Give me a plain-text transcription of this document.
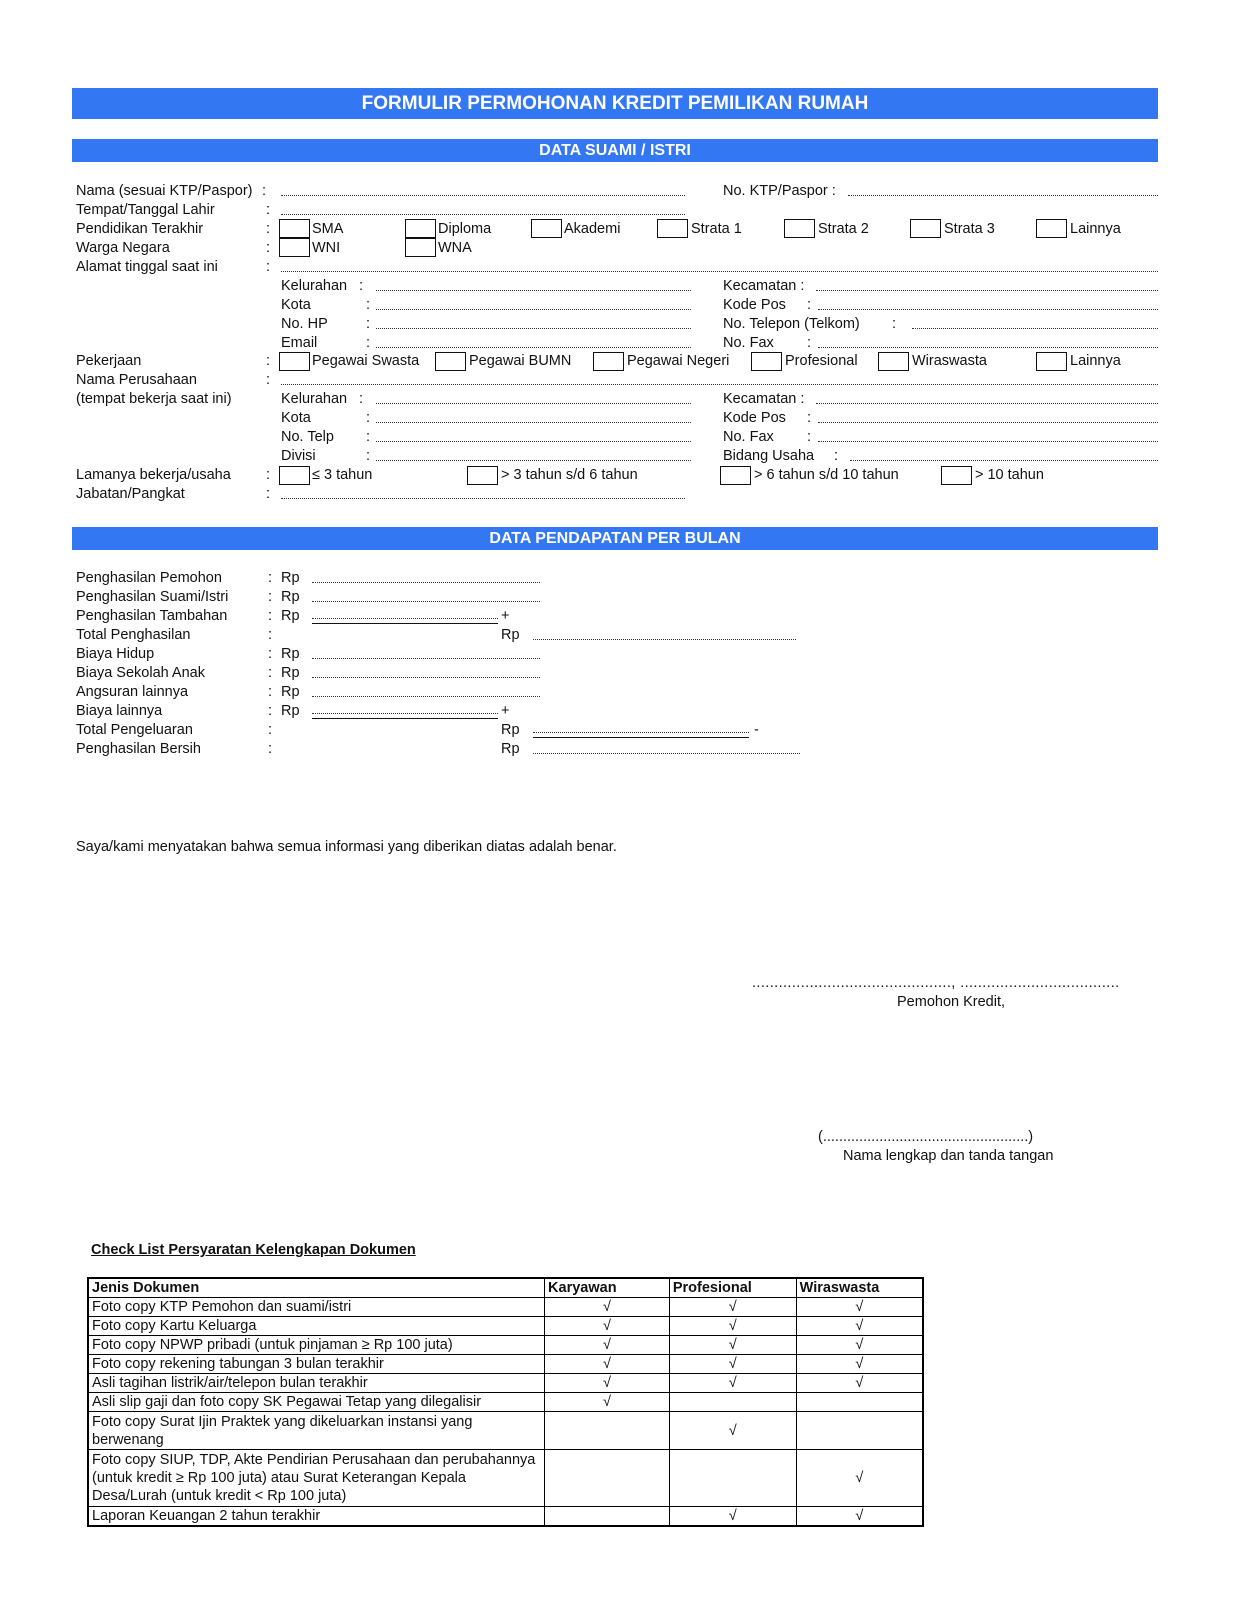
FORMULIR PERMOHONAN KREDIT PEMILIKAN RUMAH
DATA SUAMI / ISTRI
Nama (sesuai KTP/Paspor) :	No. KTP/Paspor :
Tempat/Tanggal Lahir	:
Pendidikan Terakhir	:	SMA	Diploma	Akademi	Strata 1	Strata 2	Strata 3	Lainnya
Warga Negara	:	WNI	WNA
Alamat tinggal saat ini	:
Kelurahan :	Kecamatan :
Kota	:	Kode Pos :
No. HP	:	No. Telepon (Telkom) :
Email	:	No. Fax :
Pekerjaan	:	Pegawai Swasta	Pegawai BUMN	Pegawai Negeri	Profesional	Wiraswasta	Lainnya
Nama Perusahaan	:
(tempat bekerja saat ini)	Kelurahan :	Kecamatan :
Kota	:	Kode Pos :
No. Telp :	No. Fax :
Divisi	:	Bidang Usaha :
Lamanya bekerja/usaha :	≤ 3 tahun	> 3 tahun s/d 6 tahun	> 6 tahun s/d 10 tahun	> 10 tahun
Jabatan/Pangkat	:
DATA PENDAPATAN PER BULAN
Penghasilan Pemohon	: Rp
Penghasilan Suami/Istri	: Rp
Penghasilan Tambahan	: Rp	+
Total Penghasilan	:	Rp
Biaya Hidup	: Rp
Biaya Sekolah Anak	: Rp
Angsuran lainnya	: Rp
Biaya lainnya	: Rp	+
Total Pengeluaran	:	Rp	-
Penghasilan Bersih	:	Rp
Saya/kami menyatakan bahwa semua informasi yang diberikan diatas adalah benar.
............................................., ....................................
Pemohon Kredit,
(...................................................)
Nama lengkap dan tanda tangan
Check List Persyaratan Kelengkapan Dokumen
Jenis Dokumen	Karyawan	Profesional	Wiraswasta
Foto copy KTP Pemohon dan suami/istri	√	√	√
Foto copy Kartu Keluarga	√	√	√
Foto copy NPWP pribadi (untuk pinjaman ≥ Rp 100 juta)	√	√	√
Foto copy rekening tabungan 3 bulan terakhir	√	√	√
Asli tagihan listrik/air/telepon bulan terakhir	√	√	√
Asli slip gaji dan foto copy SK Pegawai Tetap yang dilegalisir	√		
Foto copy Surat Ijin Praktek yang dikeluarkan instansi yang berwenang		√	
Foto copy SIUP, TDP, Akte Pendirian Perusahaan dan perubahannya (untuk kredit ≥ Rp 100 juta) atau Surat Keterangan Kepala Desa/Lurah (untuk kredit < Rp 100 juta)			√
Laporan Keuangan 2 tahun terakhir		√	√
